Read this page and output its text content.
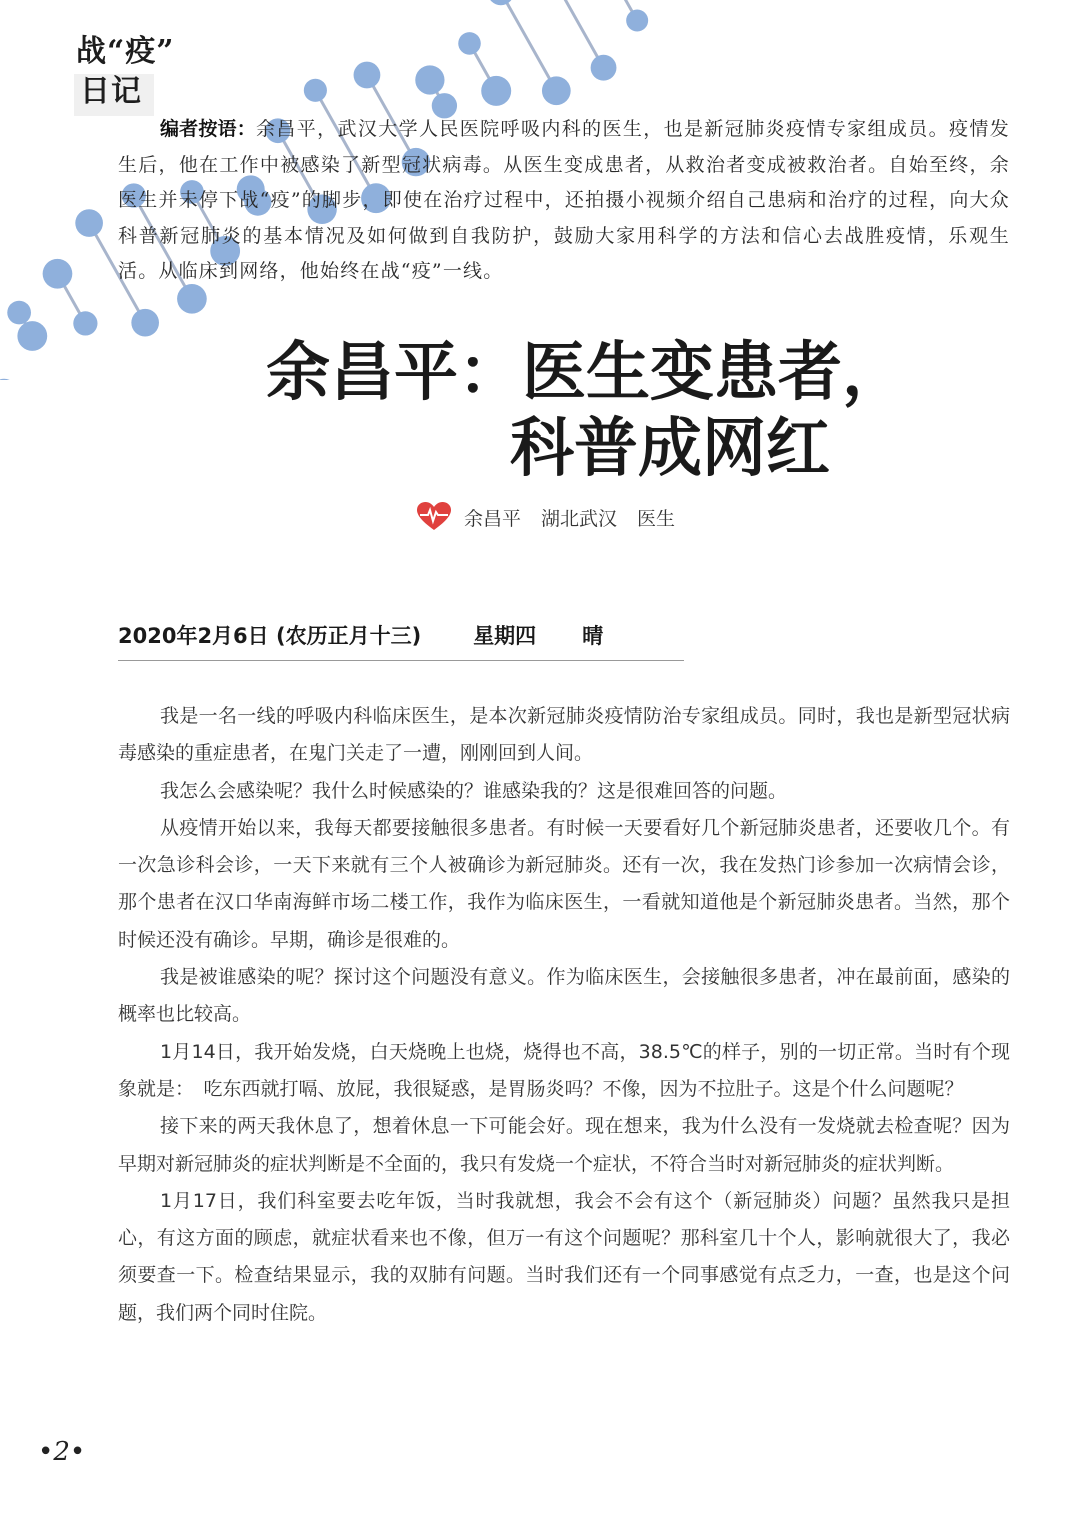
战“疫”
日记
编者按语：余昌平，武汉大学人民医院呼吸内科的医生，也是新冠肺炎疫情专家组成员。疫情发生后，他在工作中被感染了新型冠状病毒。从医生变成患者，从救治者变成被救治者。自始至终，余医生并未停下战“疫”的脚步，即使在治疗过程中，还拍摄小视频介绍自己患病和治疗的过程，向大众科普新冠肺炎的基本情况及如何做到自我防护，鼓励大家用科学的方法和信心去战胜疫情，乐观生活。从临床到网络，他始终在战“疫”一线。
余昌平：医生变患者，
科普成网红
余昌平 湖北武汉 医生
2020年2月6日 (农历正月十三) 星期四 晴

我是一名一线的呼吸内科临床医生，是本次新冠肺炎疫情防治专家组成员。同时，我也是新型冠状病毒感染的重症患者，在鬼门关走了一遭，刚刚回到人间。

我怎么会感染呢？我什么时候感染的？谁感染我的？这是很难回答的问题。

从疫情开始以来，我每天都要接触很多患者。有时候一天要看好几个新冠肺炎患者，还要收几个。有一次急诊科会诊，一天下来就有三个人被确诊为新冠肺炎。还有一次，我在发热门诊参加一次病情会诊，那个患者在汉口华南海鲜市场二楼工作，我作为临床医生，一看就知道他是个新冠肺炎患者。当然，那个时候还没有确诊。早期，确诊是很难的。

我是被谁感染的呢？探讨这个问题没有意义。作为临床医生，会接触很多患者，冲在最前面，感染的概率也比较高。

1月14日，我开始发烧，白天烧晚上也烧，烧得也不高，38.5℃的样子，别的一切正常。当时有个现象就是：　吃东西就打嗝、放屁，我很疑惑，是胃肠炎吗？不像，因为不拉肚子。这是个什么问题呢？

接下来的两天我休息了，想着休息一下可能会好。现在想来，我为什么没有一发烧就去检查呢？因为早期对新冠肺炎的症状判断是不全面的，我只有发烧一个症状，不符合当时对新冠肺炎的症状判断。

1月17日，我们科室要去吃年饭，当时我就想，我会不会有这个（新冠肺炎）问题？虽然我只是担心，有这方面的顾虑，就症状看来也不像，但万一有这个问题呢？那科室几十个人，影响就很大了，我必须要查一下。检查结果显示，我的双肺有问题。当时我们还有一个同事感觉有点乏力，一查，也是这个问题，我们两个同时住院。

•2•
